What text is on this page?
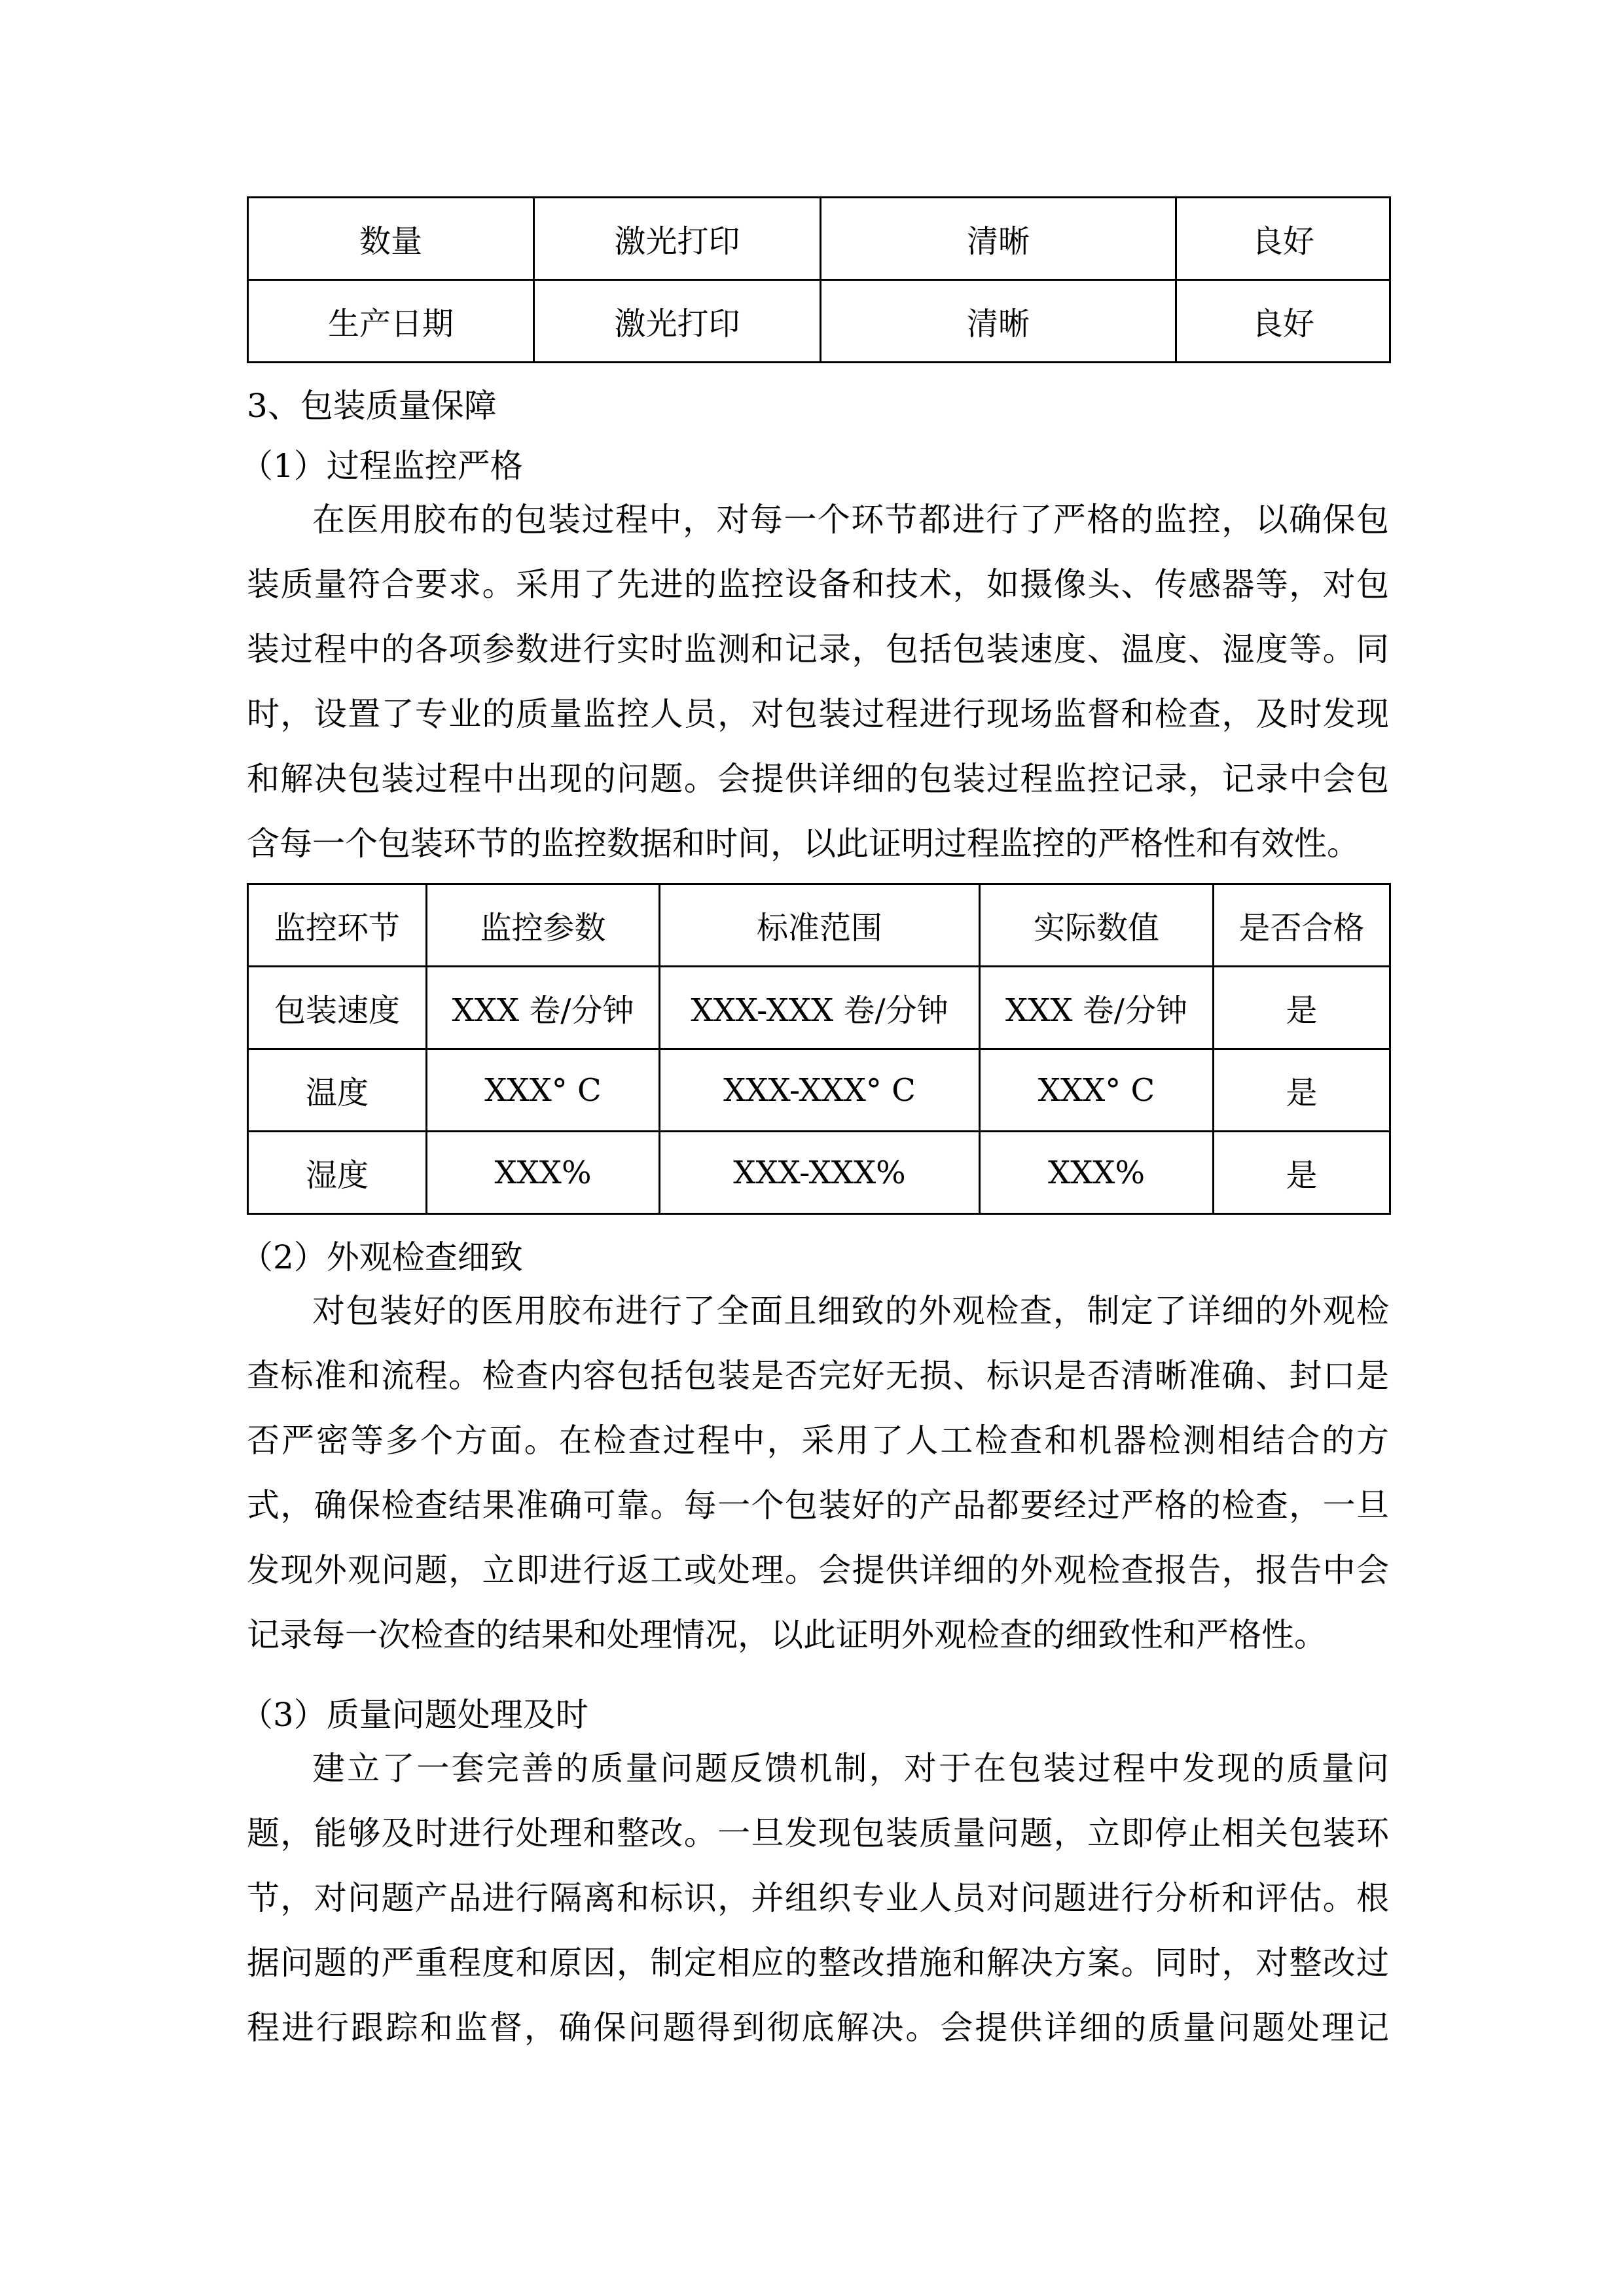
数量	激光打印	清晰	良好
生产日期	激光打印	清晰	良好
3、包装质量保障
（1）过程监控严格
在医用胶布的包装过程中，对每一个环节都进行了严格的监控，以确保包
装质量符合要求。采用了先进的监控设备和技术，如摄像头、传感器等，对包
装过程中的各项参数进行实时监测和记录，包括包装速度、温度、湿度等。同
时，设置了专业的质量监控人员，对包装过程进行现场监督和检查，及时发现
和解决包装过程中出现的问题。会提供详细的包装过程监控记录，记录中会包
含每一个包装环节的监控数据和时间，以此证明过程监控的严格性和有效性。
监控环节	监控参数	标准范围	实际数值	是否合格
包装速度	XXX 卷/分钟	XXX-XXX 卷/分钟	XXX 卷/分钟	是
温度	XXX° C	XXX-XXX° C	XXX° C	是
湿度	XXX%	XXX-XXX%	XXX%	是
（2）外观检查细致
对包装好的医用胶布进行了全面且细致的外观检查，制定了详细的外观检
查标准和流程。检查内容包括包装是否完好无损、标识是否清晰准确、封口是
否严密等多个方面。在检查过程中，采用了人工检查和机器检测相结合的方
式，确保检查结果准确可靠。每一个包装好的产品都要经过严格的检查，一旦
发现外观问题，立即进行返工或处理。会提供详细的外观检查报告，报告中会
记录每一次检查的结果和处理情况，以此证明外观检查的细致性和严格性。
（3）质量问题处理及时
建立了一套完善的质量问题反馈机制，对于在包装过程中发现的质量问
题，能够及时进行处理和整改。一旦发现包装质量问题，立即停止相关包装环
节，对问题产品进行隔离和标识，并组织专业人员对问题进行分析和评估。根
据问题的严重程度和原因，制定相应的整改措施和解决方案。同时，对整改过
程进行跟踪和监督，确保问题得到彻底解决。会提供详细的质量问题处理记
